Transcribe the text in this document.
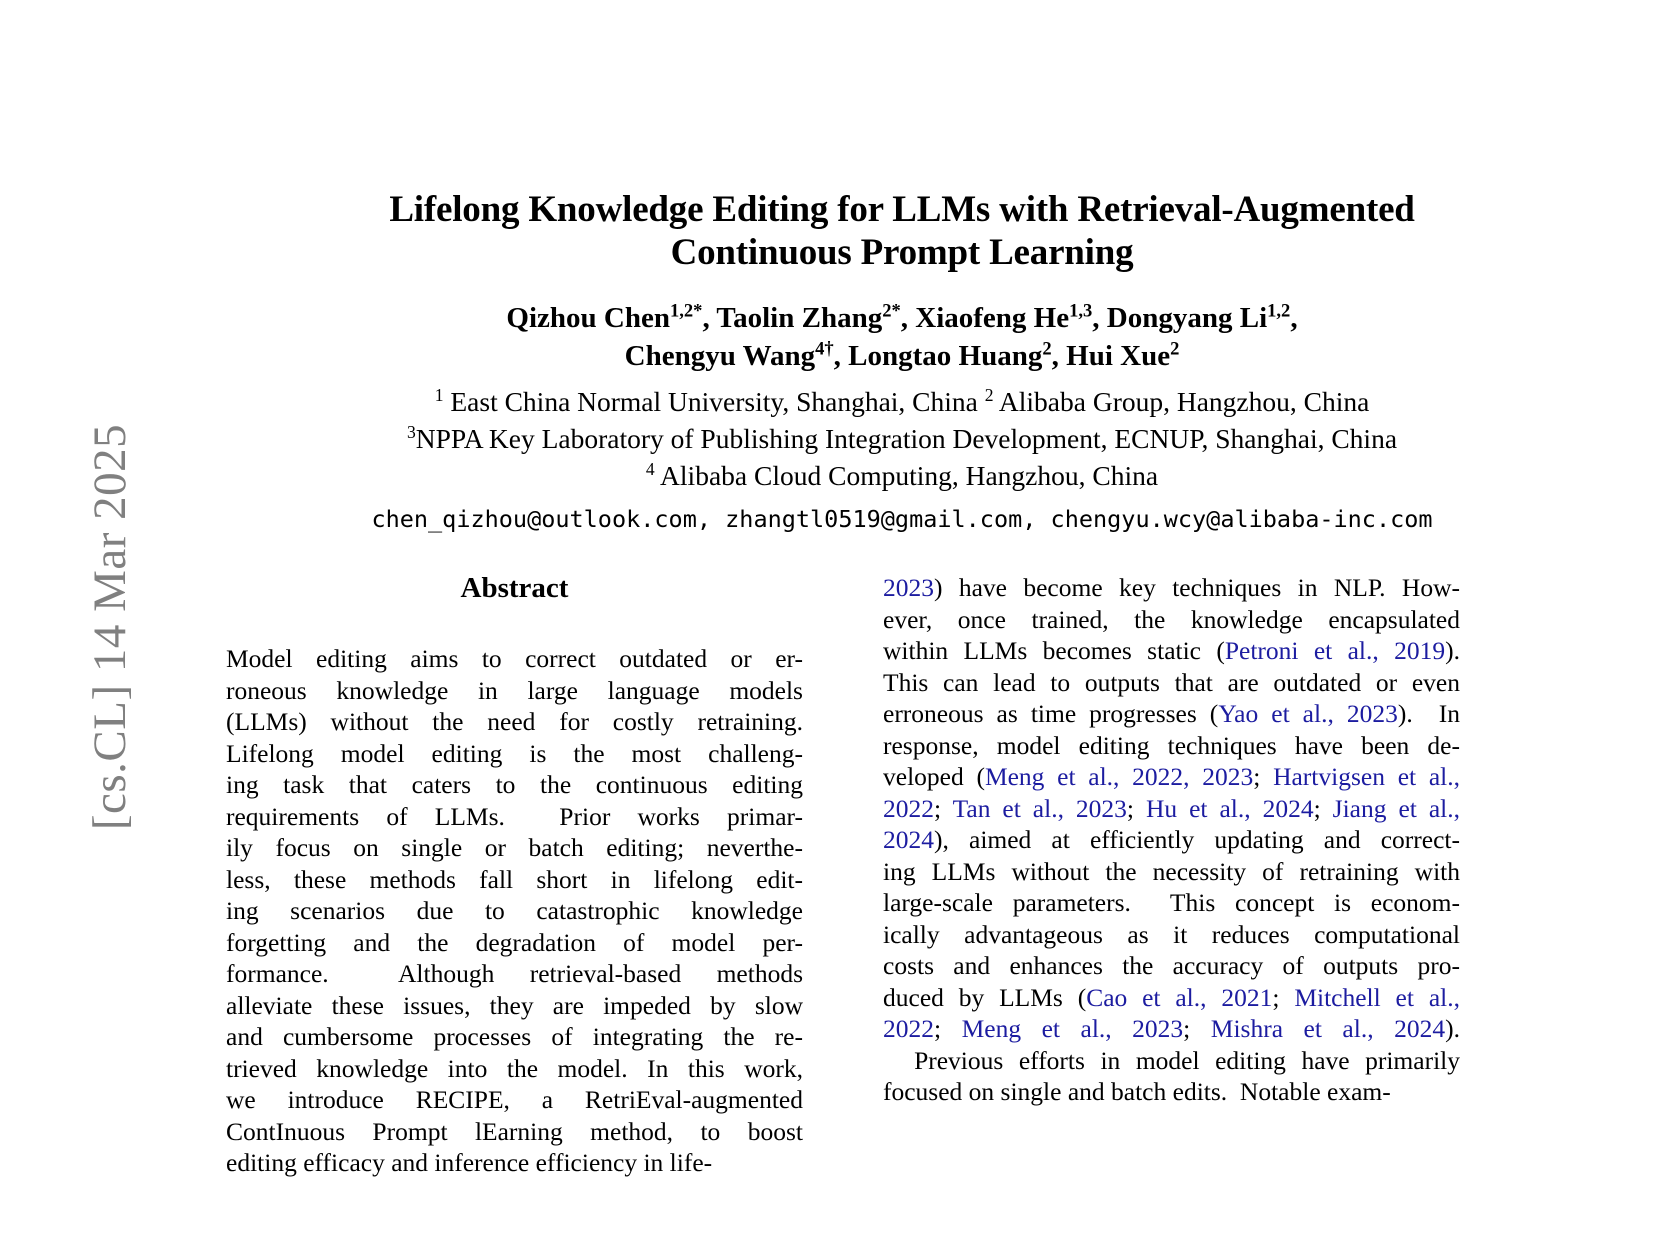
[cs.CL] 14 Mar 2025
Lifelong Knowledge Editing for LLMs with Retrieval-Augmented
Continuous Prompt Learning
Qizhou Chen$^{1,2*}$, Taolin Zhang$^{2*}$, Xiaofeng He$^{1,3}$, Dongyang Li$^{1,2}$,
Chengyu Wang$^{4\dagger}$, Longtao Huang$^2$, Hui Xue$^2$
$^1$ East China Normal University, Shanghai, China $^2$ Alibaba Group, Hangzhou, China
$^3$NPPA Key Laboratory of Publishing Integration Development, ECNUP, Shanghai, China
$^4$ Alibaba Cloud Computing, Hangzhou, China
chen_qizhou@outlook.com, zhangtl0519@gmail.com, chengyu.wcy@alibaba-inc.com
Abstract
Model editing aims to correct outdated or er-
roneous knowledge in large language models
(LLMs) without the need for costly retraining.
Lifelong model editing is the most challeng-
ing task that caters to the continuous editing
requirements of LLMs.  Prior works primar-
ily focus on single or batch editing; neverthe-
less, these methods fall short in lifelong edit-
ing scenarios due to catastrophic knowledge
forgetting and the degradation of model per-
formance.  Although retrieval-based methods
alleviate these issues, they are impeded by slow
and cumbersome processes of integrating the re-
trieved knowledge into the model. In this work,
we introduce RECIPE, a RetriEval-augmented
ContInuous Prompt lEarning method, to boost
editing efficacy and inference efficiency in life-
2023) have become key techniques in NLP. How-
ever,  once  trained,  the  knowledge  encapsulated
within LLMs becomes static (Petroni et al., 2019).
This can lead to outputs that are outdated or even
erroneous as time progresses (Yao et al., 2023).  In
response, model editing techniques have been de-
veloped (Meng et al., 2022, 2023; Hartvigsen et al.,
2022; Tan et al., 2023; Hu et al., 2024; Jiang et al.,
2024), aimed at efficiently updating and correct-
ing LLMs without the necessity of retraining with
large-scale parameters.  This concept is econom-
ically  advantageous  as  it  reduces  computational
costs  and  enhances  the  accuracy  of  outputs  pro-
duced by LLMs (Cao et al., 2021; Mitchell et al.,
2022; Meng et al., 2023; Mishra et al., 2024).
Previous  efforts  in  model  editing  have  primarily
focused on single and batch edits.  Notable exam-
